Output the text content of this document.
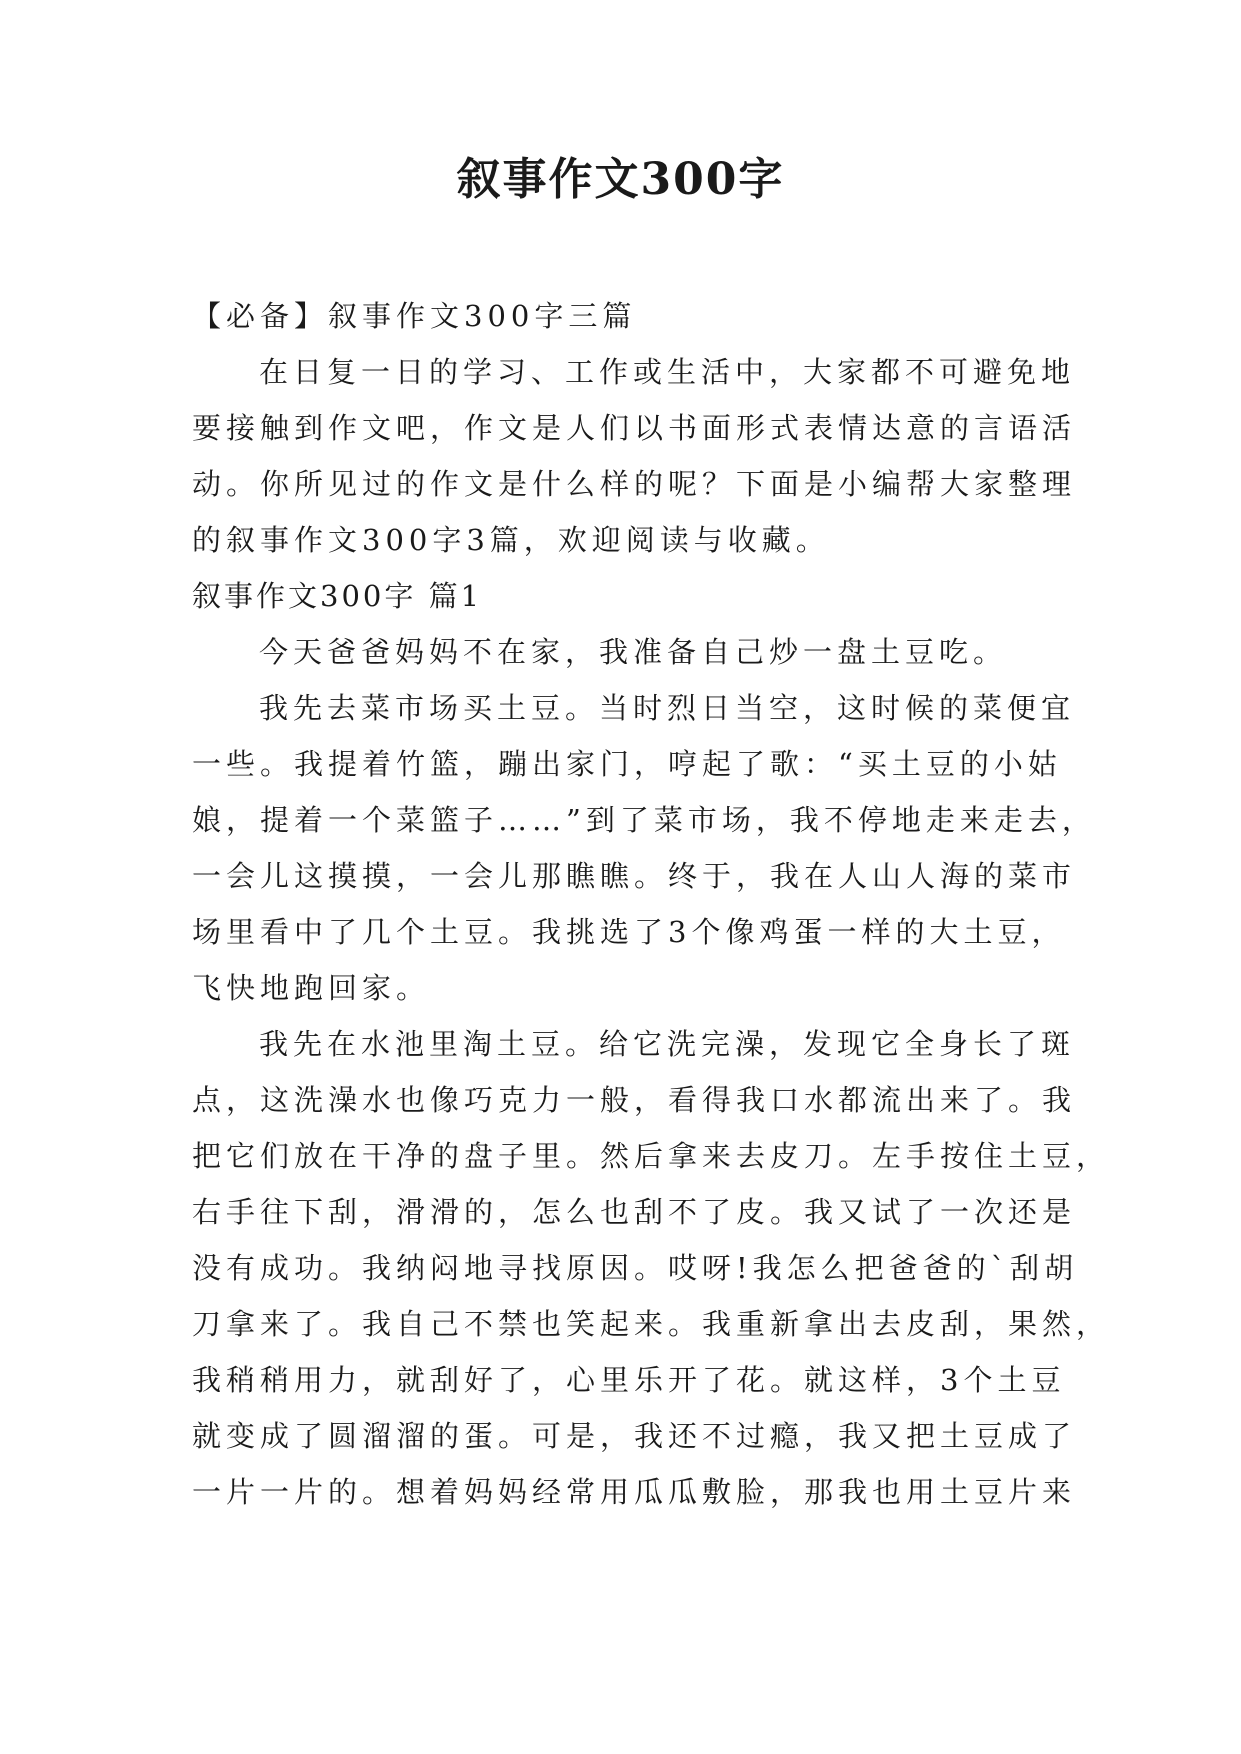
叙事作文300字
【必备】叙事作文300字三篇
在日复一日的学习、工作或生活中，大家都不可避免地
要接触到作文吧，作文是人们以书面形式表情达意的言语活
动。你所见过的作文是什么样的呢？下面是小编帮大家整理
的叙事作文300字3篇，欢迎阅读与收藏。
叙事作文300字 篇1
今天爸爸妈妈不在家，我准备自己炒一盘土豆吃。
我先去菜市场买土豆。当时烈日当空，这时候的菜便宜
一些。我提着竹篮，蹦出家门，哼起了歌：“买土豆的小姑
娘，提着一个菜篮子……”到了菜市场，我不停地走来走去，
一会儿这摸摸，一会儿那瞧瞧。终于，我在人山人海的菜市
场里看中了几个土豆。我挑选了3个像鸡蛋一样的大土豆，
飞快地跑回家。
我先在水池里淘土豆。给它洗完澡，发现它全身长了斑
点，这洗澡水也像巧克力一般，看得我口水都流出来了。我
把它们放在干净的盘子里。然后拿来去皮刀。左手按住土豆，
右手往下刮，滑滑的，怎么也刮不了皮。我又试了一次还是
没有成功。我纳闷地寻找原因。哎呀!我怎么把爸爸的`刮胡
刀拿来了。我自己不禁也笑起来。我重新拿出去皮刮，果然，
我稍稍用力，就刮好了，心里乐开了花。就这样，3个土豆
就变成了圆溜溜的蛋。可是，我还不过瘾，我又把土豆成了
一片一片的。想着妈妈经常用瓜瓜敷脸，那我也用土豆片来
